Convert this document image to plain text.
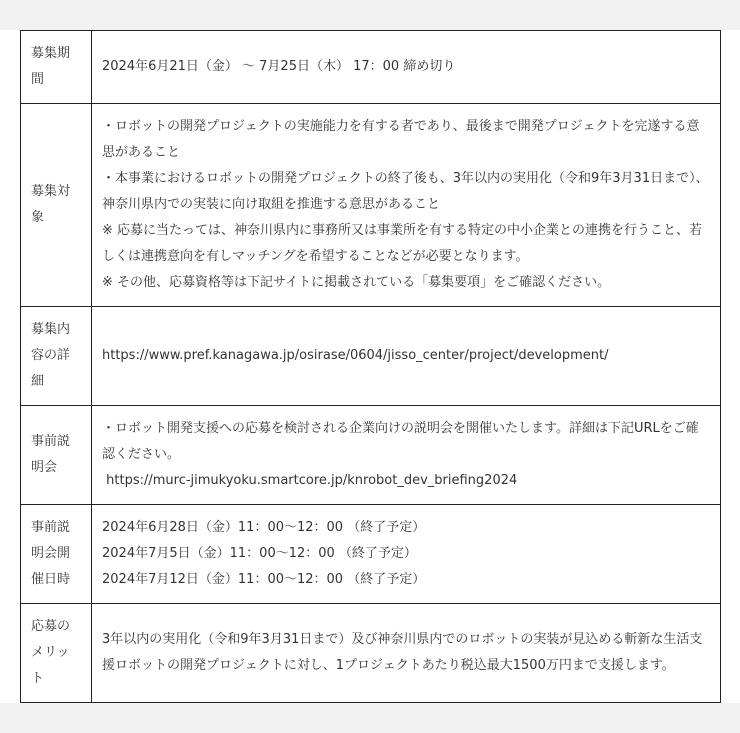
募集期間	2024年6月21日（金） 〜 7月25日（木） 17：00 締め切り

募集対象	・ロボットの開発プロジェクトの実施能力を有する者であり、最後まで開発プロジェクトを完遂する意思があること
・本事業におけるロボットの開発プロジェクトの終了後も、3年以内の実用化（令和9年3月31日まで）、神奈川県内での実装に向け取組を推進する意思があること
※ 応募に当たっては、神奈川県内に事務所又は事業所を有する特定の中小企業との連携を行うこと、若しくは連携意向を有しマッチングを希望することなどが必要となります。
※ その他、応募資格等は下記サイトに掲載されている「募集要項」をご確認ください。

募集内容の詳細	https://www.pref.kanagawa.jp/osirase/0604/jisso_center/project/development/

事前説明会	・ロボット開発支援への応募を検討される企業向けの説明会を開催いたします。詳細は下記URLをご確認ください。
https://murc-jimukyoku.smartcore.jp/knrobot_dev_briefing2024

事前説明会開催日時	2024年6月28日（金）11：00〜12：00 （終了予定）
2024年7月5日（金）11：00〜12：00 （終了予定）
2024年7月12日（金）11：00〜12：00 （終了予定）

応募のメリット	3年以内の実用化（令和9年3月31日まで）及び神奈川県内でのロボットの実装が見込める斬新な生活支援ロボットの開発プロジェクトに対し、1プロジェクトあたり税込最大1500万円まで支援します。
